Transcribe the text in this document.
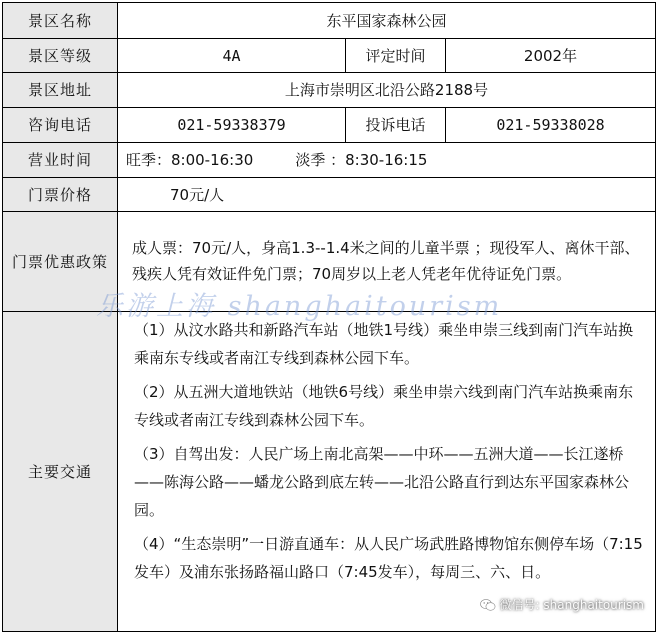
景区名称	东平国家森林公园		
景区等级	4A	评定时间	2002年
景区地址	上海市崇明区北沿公路2188号		
咨询电话	021-59338379	投诉电话	021-59338028
营业时间	旺季：8:00-16:30 淡季 ：8:30-16:15		
门票价格	70元/人		
门票优惠政策	成人票：70元/人，身高1.3--1.4米之间的儿童半票 ；现役军人、离休干部、残疾人凭有效证件免门票；70周岁以上老人凭老年优待证免门票。		
主要交通	（1）从汶水路共和新路汽车站（地铁1号线）乘坐申崇三线到南门汽车站换乘南东专线或者南江专线到森林公园下车。

（2）从五洲大道地铁站（地铁6号线）乘坐申崇六线到南门汽车站换乘南东专线或者南江专线到森林公园下车。

（3）自驾出发：人民广场上南北高架——中环——五洲大道——长江遂桥——陈海公路——蟠龙公路到底左转——北沿公路直行到达东平国家森林公园。

（4）“生态崇明”一日游直通车：从人民广场武胜路博物馆东侧停车场（7:15发车）及浦东张扬路福山路口（7:45发车），每周三、六、日。		

乐游上海 shanghaitourism
微信号: shanghaitourism
